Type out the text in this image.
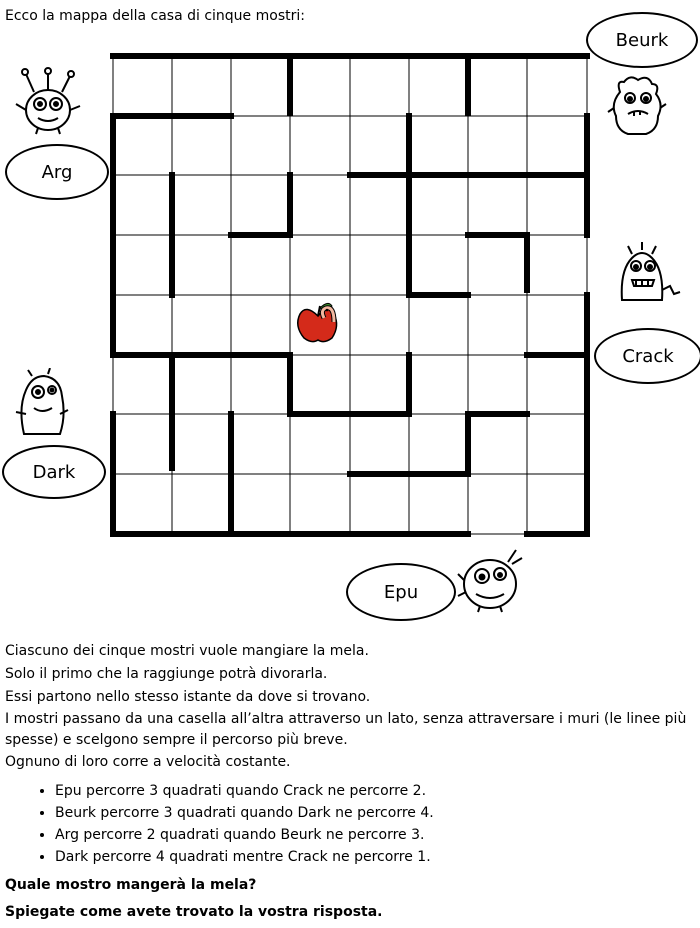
Ecco la mappa della casa di cinque mostri:
Beurk
Arg
Crack
Dark
Epu

Ciascuno dei cinque mostri vuole mangiare la mela.

Solo il primo che la raggiunge potrà divorarla.

Essi partono nello stesso istante da dove si trovano.

I mostri passano da una casella all’altra attraverso un lato, senza attraversare i muri (le linee più spesse) e scelgono sempre il percorso più breve.

Ognuno di loro corre a velocità costante.

• Epu percorre 3 quadrati quando Crack ne percorre 2.
• Beurk percorre 3 quadrati quando Dark ne percorre 4.
• Arg percorre 2 quadrati quando Beurk ne percorre 3.
• Dark percorre 4 quadrati mentre Crack ne percorre 1.

Quale mostro mangerà la mela?

Spiegate come avete trovato la vostra risposta.
